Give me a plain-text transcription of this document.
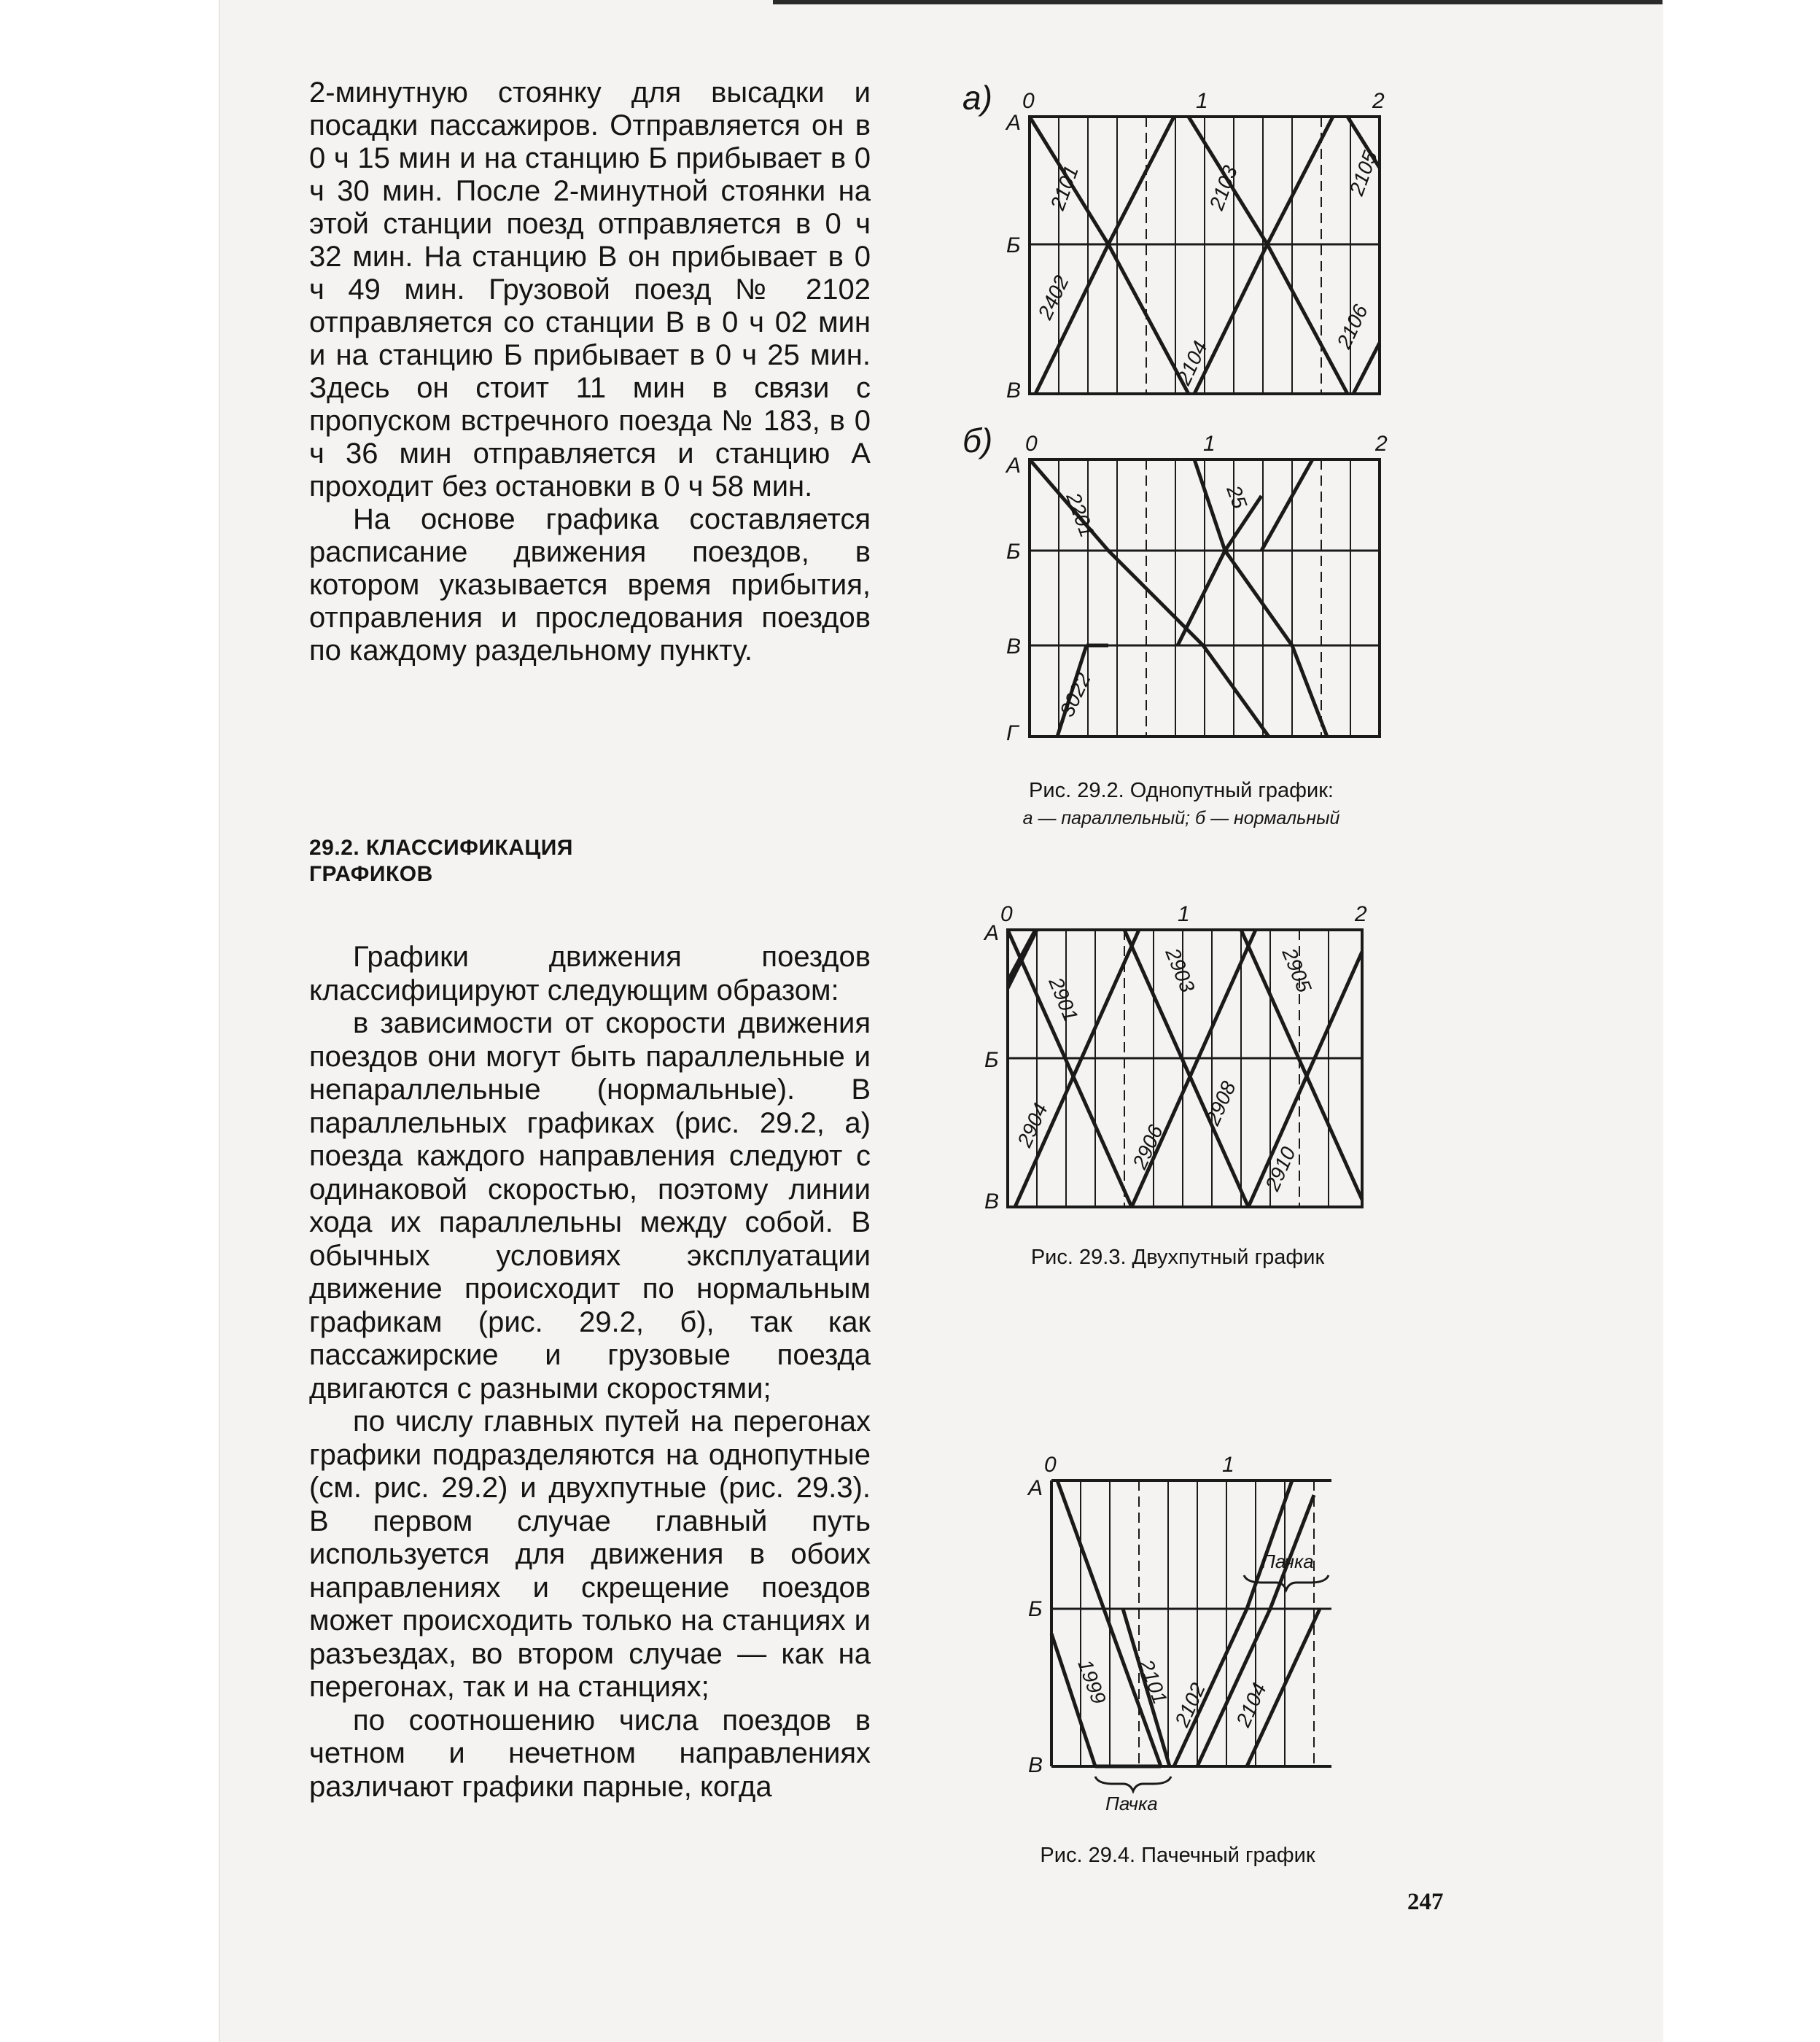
2-минутную стоянку для высадки и посадки пассажиров. Отправляется он в 0 ч 15 мин и на станцию Б прибывает в 0 ч 30 мин. После 2-минутной стоянки на этой станции поезд отправляется в 0 ч 32 мин. На станцию В он прибывает в 0 ч 49 мин. Грузовой поезд № 2102 отправляется со станции В в 0 ч 02 мин и на станцию Б прибывает в 0 ч 25 мин. Здесь он стоит 11 мин в связи с пропуском встречного поезда № 183, в 0 ч 36 мин отправляется и станцию А проходит без остановки в 0 ч 58 мин.

На основе графика составляется расписание движения поездов, в котором указывается время прибытия, отправления и проследования поездов по каждому раздельному пункту.

29.2. КЛАССИФИКАЦИЯ ГРАФИКОВ

Графики движения поездов классифицируют следующим образом:

в зависимости от скорости движения поездов они могут быть параллельные и непараллельные (нормальные). В параллельных графиках (рис. 29.2, а) поезда каждого направления следуют с одинаковой скоростью, поэтому линии хода их параллельны между собой. В обычных условиях эксплуатации движение происходит по нормальным графикам (рис. 29.2, б), так как пассажирские и грузовые поезда двигаются с разными скоростями;

по числу главных путей на перегонах графики подразделяются на однопутные (см. рис. 29.2) и двухпутные (рис. 29.3). В первом случае главный путь используется для движения в обоих направлениях и скрещение поездов может происходить только на станциях и разъездах, во втором случае — как на перегонах, так и на станциях;

по соотношению числа поездов в четном и нечетном направлениях различают графики парные, когда

а) 0	1	2
А
Б
В
2101	2103	2105
2402
2104
2106
б) 0	1	2
А
Б
В
Г
2201	25
3022
Рис. 29.2. Однопутный график:
а — параллельный; б — нормальный
0	1	2
А
Б
В
2901
2903	2905
2904	2906
2908
2910
Рис. 29.3. Двухпутный график
0	1
А
Б
В
1999 2101
2102 2104
Пачка
Пачка
Рис. 29.4. Пачечный график
247
